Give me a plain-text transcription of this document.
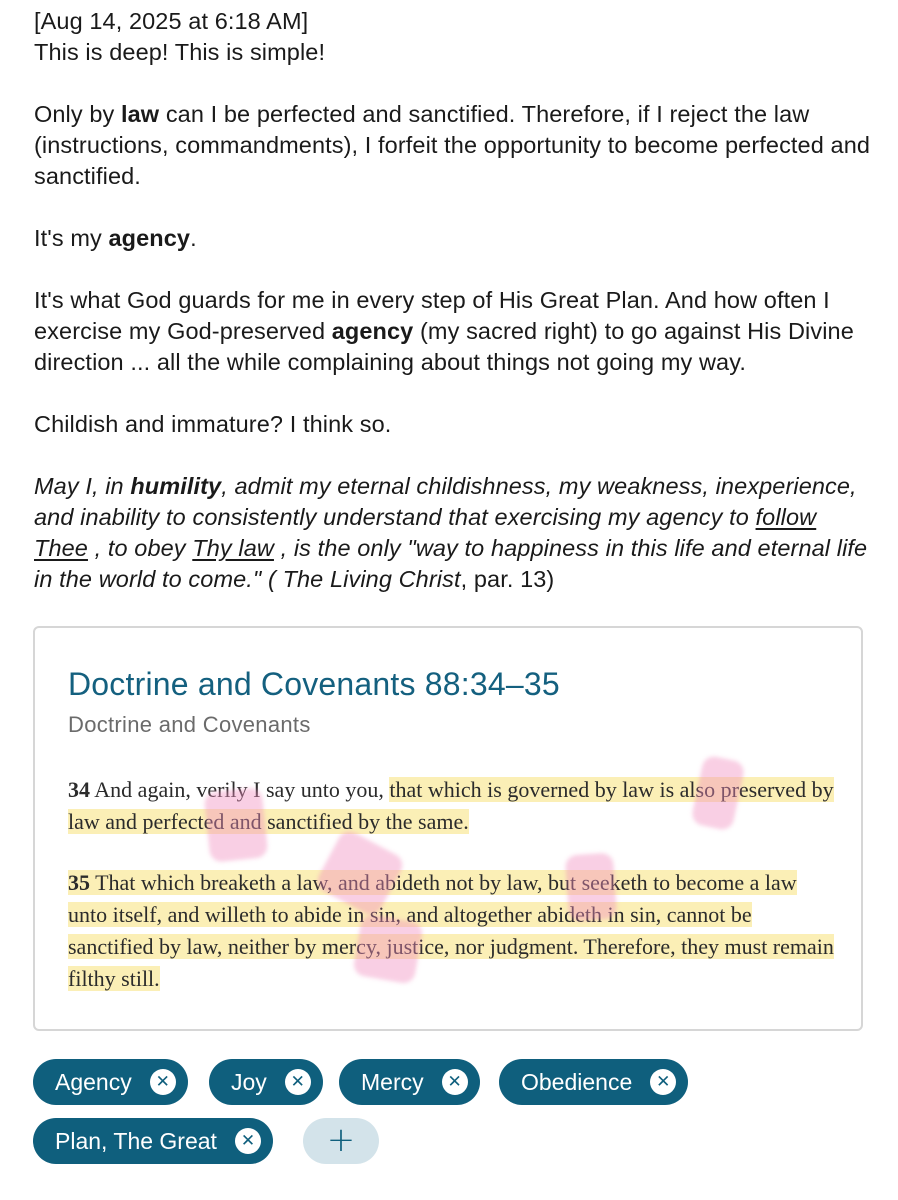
[Aug 14, 2025 at 6:18 AM]

This is deep! This is simple!

Only by law can I be perfected and sanctified. Therefore, if I reject the law (instructions, commandments), I forfeit the opportunity to become perfected and sanctified.

It's my agency.

It's what God guards for me in every step of His Great Plan. And how often I exercise my God-preserved agency (my sacred right) to go against His Divine direction ... all the while complaining about things not going my way.

Childish and immature? I think so.

May I, in humility, admit my eternal childishness, my weakness, inexperience, and inability to consistently understand that exercising my agency to follow Thee , to obey Thy law , is the only "way to happiness in this life and eternal life in the world to come." ( The Living Christ, par. 13)

Doctrine and Covenants 88:34–35
Doctrine and Covenants

34 And again, verily I say unto you, that which is governed by law is also preserved by law and perfected and sanctified by the same.

35 That which breaketh a law, and abideth not by law, but seeketh to become a law unto itself, and willeth to abide in sin, and altogether abideth in sin, cannot be sanctified by law, neither by mercy, justice, nor judgment. Therefore, they must remain filthy still.

Agency	✕	Joy	✕ Mercy	✕	Obedience	✕
Plan, The Great	✕	+
